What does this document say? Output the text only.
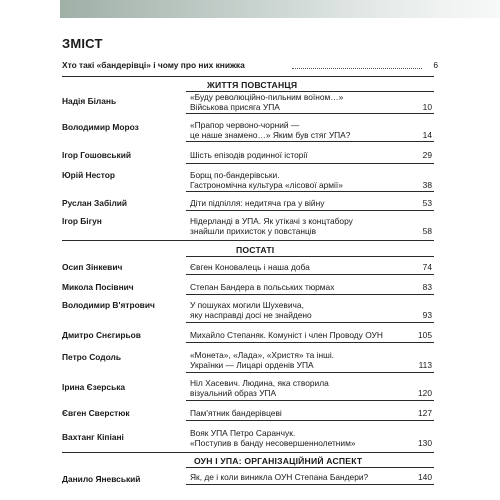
ЗМІСТ
Хто такі «бандерівці» і чому про них книжка	6
ЖИТТЯ ПОВСТАНЦЯ
Надія Білань	«Буду революційно-пильним воїном…»
Військова присяга УПА	10
Володимир Мороз	«Прапор червоно-чорний —
це наше знамено…» Яким був стяг УПА?	14
Ігор Гошовський	Шість епізодів родинної історії	29
Юрій Нестор	Борщ по-бандерівськи.
Гастрономічна культура «лісової армії»	38
Руслан Забілий	Діти підпілля: недитяча гра у війну	53
Ігор Бігун	Нідерланді в УПА. Як утікачі з концтабору
знайшли прихисток у повстанців	58
ПОСТАТІ
Осип Зінкевич	Євген Коновалець і наша доба	74
Микола Посівнич	Степан Бандера в польських тюрмах	83
Володимир В'ятрович	У пошуках могили Шухевича,
яку насправді досі не знайдено	93
Дмитро Снєгирьов	Михайло Степаняк. Комуніст і член Проводу ОУН	105
Петро Содоль	«Монета», «Лада», «Христя» та інші.
Українки — Лицарі орденів УПА	113
Ірина Єзерська	Ніл Хасевич. Людина, яка створила
візуальний образ УПА	120
Євген Сверстюк	Пам'ятник бандерівцеві	127
Вахтанг Кіпіані	Вояк УПА Петро Саранчук.
«Поступив в банду несовершеннолетним»	130
ОУН І УПА: ОРГАНІЗАЦІЙНИЙ АСПЕКТ
Данило Яневський	Як, де і коли виникла ОУН Степана Бандери?	140
